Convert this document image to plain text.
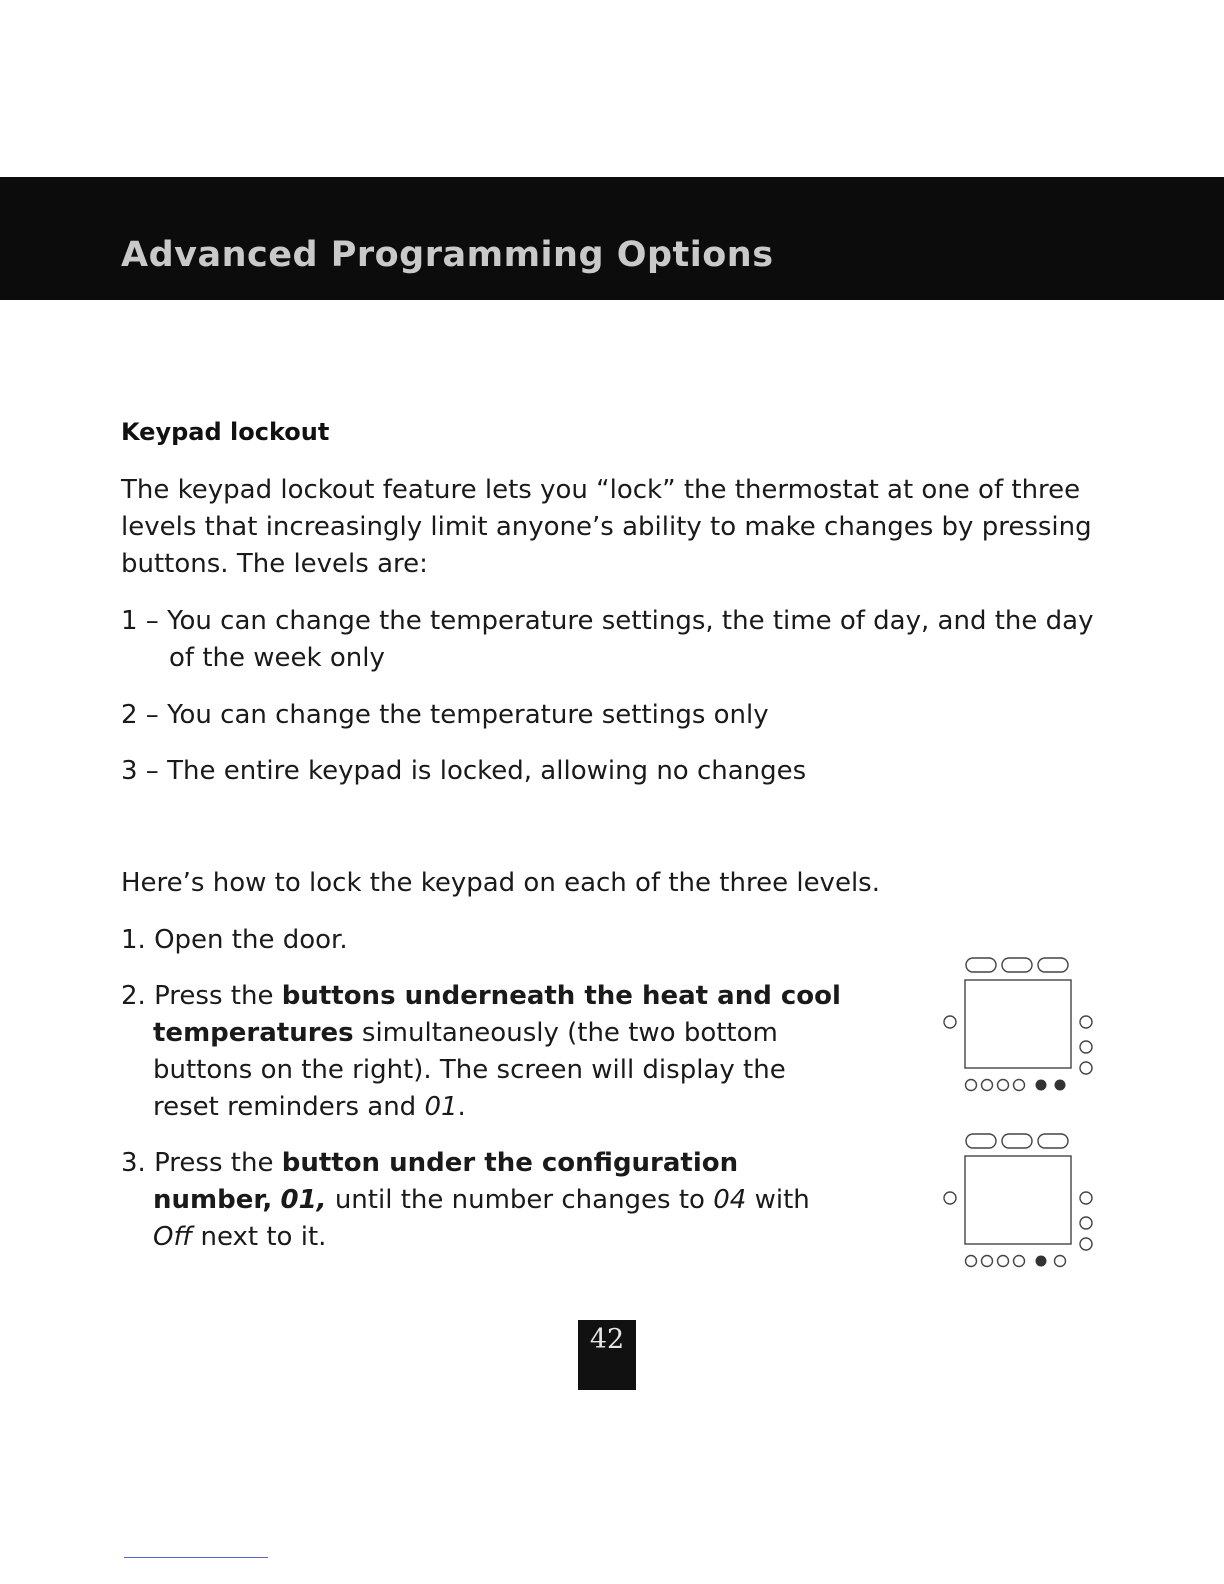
Advanced Programming Options
Keypad lockout

The keypad lockout feature lets you “lock” the thermostat at one of three levels that increasingly limit anyone’s ability to make changes by pressing buttons. The levels are:

1 – You can change the temperature settings, the time of day, and the day of the week only

2 – You can change the temperature settings only

3 – The entire keypad is locked, allowing no changes

Here’s how to lock the keypad on each of the three levels.

1. Open the door.

2. Press the buttons underneath the heat and cool temperatures simultaneously (the two bottom buttons on the right). The screen will display the reset reminders and 01.

3. Press the button under the configuration number, 01, until the number changes to 04 with Off next to it.

42
